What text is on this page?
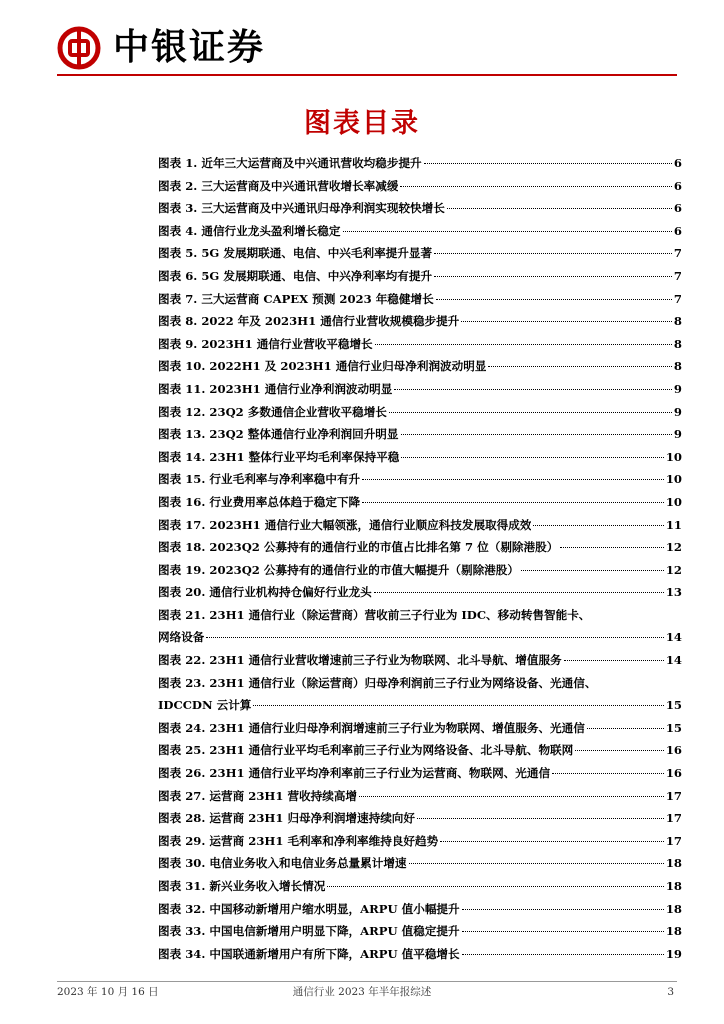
中银证券
图表目录
图表 1. 近年三大运营商及中兴通讯营收均稳步提升	6
图表 2. 三大运营商及中兴通讯营收增长率减缓	6
图表 3. 三大运营商及中兴通讯归母净利润实现较快增长	6
图表 4. 通信行业龙头盈利增长稳定	6
图表 5. 5G 发展期联通、电信、中兴毛利率提升显著	7
图表 6. 5G 发展期联通、电信、中兴净利率均有提升	7
图表 7. 三大运营商 CAPEX 预测 2023 年稳健增长	7
图表 8. 2022 年及 2023H1 通信行业营收规模稳步提升	8
图表 9. 2023H1 通信行业营收平稳增长	8
图表 10. 2022H1 及 2023H1 通信行业归母净利润波动明显	8
图表 11. 2023H1 通信行业净利润波动明显	9
图表 12. 23Q2 多数通信企业营收平稳增长	9
图表 13. 23Q2 整体通信行业净利润回升明显	9
图表 14. 23H1 整体行业平均毛利率保持平稳	10
图表 15. 行业毛利率与净利率稳中有升	10
图表 16. 行业费用率总体趋于稳定下降	10
图表 17. 2023H1 通信行业大幅领涨，通信行业顺应科技发展取得成效	11
图表 18. 2023Q2 公募持有的通信行业的市值占比排名第 7 位（剔除港股）	12
图表 19. 2023Q2 公募持有的通信行业的市值大幅提升（剔除港股）	12
图表 20. 通信行业机构持仓偏好行业龙头	13
图表 21. 23H1 通信行业（除运营商）营收前三子行业为 IDC、移动转售智能卡、
网络设备	14
图表 22. 23H1 通信行业营收增速前三子行业为物联网、北斗导航、增值服务	14
图表 23. 23H1 通信行业（除运营商）归母净利润前三子行业为网络设备、光通信、
IDCCDN 云计算	15
图表 24. 23H1 通信行业归母净利润增速前三子行业为物联网、增值服务、光通信	15
图表 25. 23H1 通信行业平均毛利率前三子行业为网络设备、北斗导航、物联网	16
图表 26. 23H1 通信行业平均净利率前三子行业为运营商、物联网、光通信	16
图表 27. 运营商 23H1 营收持续高增	17
图表 28. 运营商 23H1 归母净利润增速持续向好	17
图表 29. 运营商 23H1 毛利率和净利率维持良好趋势	17
图表 30. 电信业务收入和电信业务总量累计增速	18
图表 31. 新兴业务收入增长情况	18
图表 32. 中国移动新增用户缩水明显，ARPU 值小幅提升	18
图表 33. 中国电信新增用户明显下降，ARPU 值稳定提升	18
图表 34. 中国联通新增用户有所下降，ARPU 值平稳增长	19
2023 年 10 月 16 日	通信行业 2023 年半年报综述	3
